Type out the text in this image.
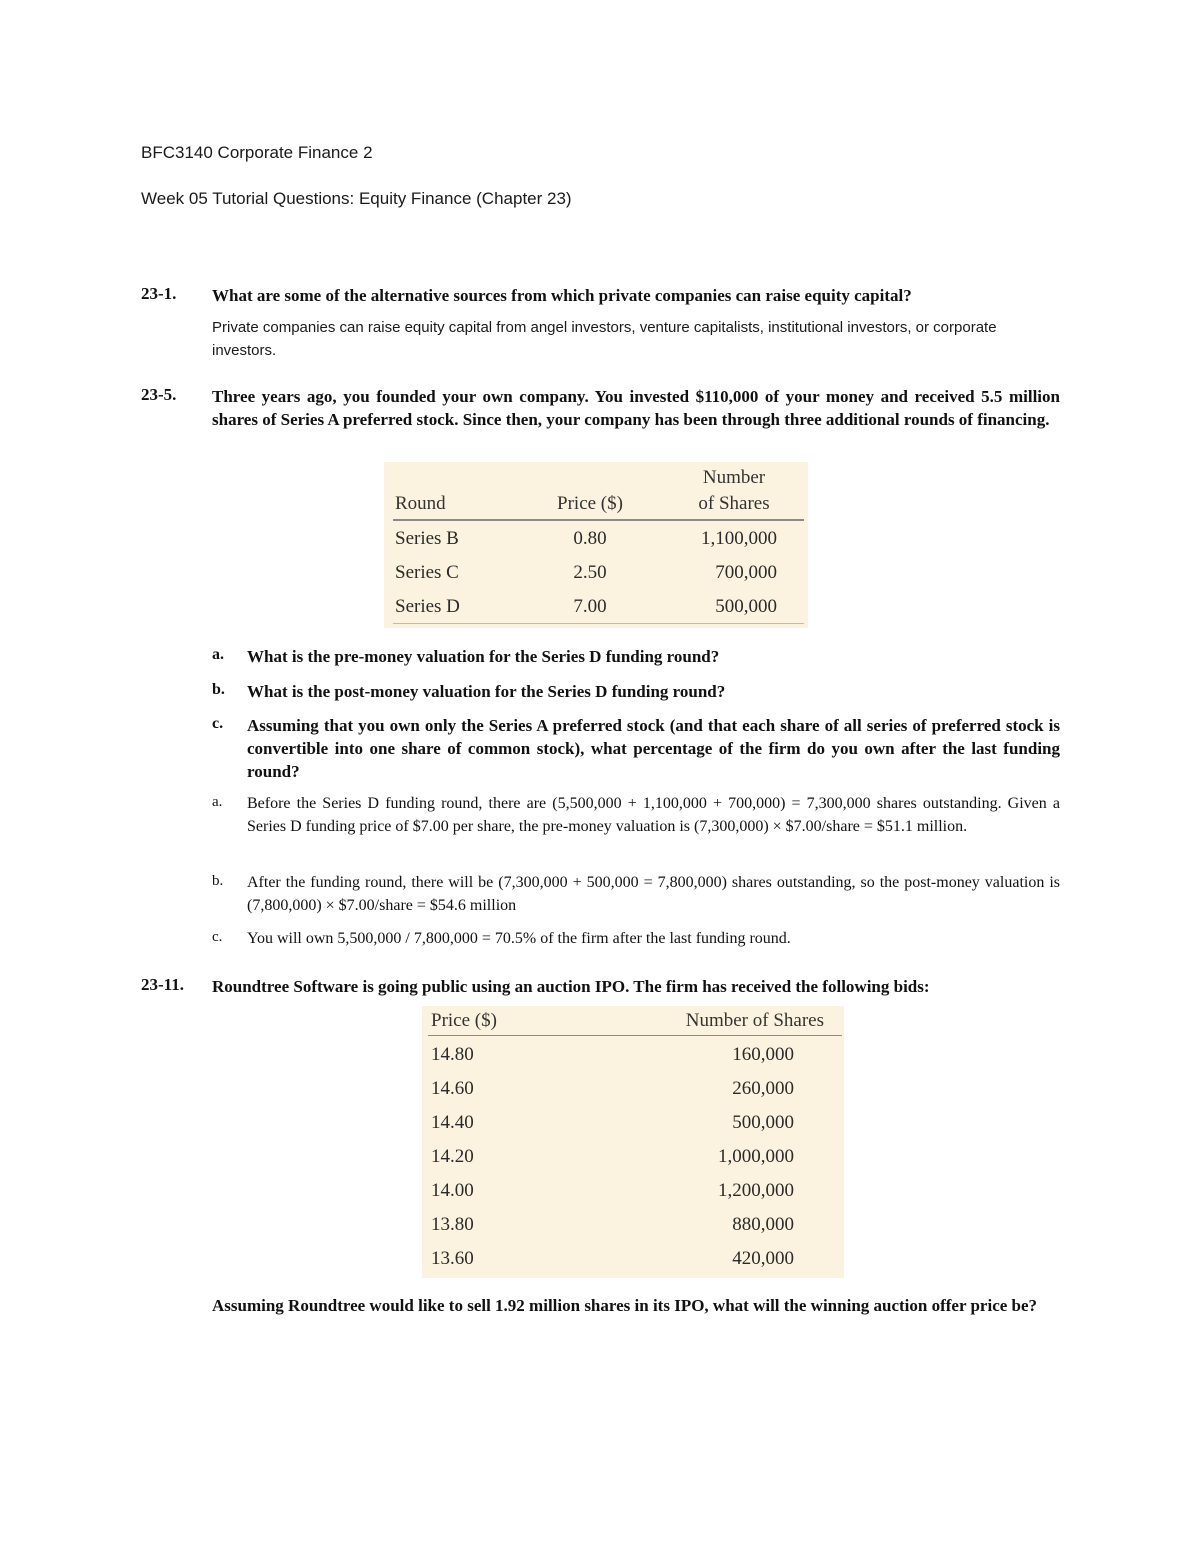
BFC3140 Corporate Finance 2
Week 05 Tutorial Questions: Equity Finance (Chapter 23)
23-1. What are some of the alternative sources from which private companies can raise equity capital?
Private companies can raise equity capital from angel investors, venture capitalists, institutional investors, or corporate investors.
23-5. Three years ago, you founded your own company. You invested $110,000 of your money and received 5.5 million shares of Series A preferred stock. Since then, your company has been through three additional rounds of financing.
Number
Round	Price ($)	of Shares
Series B	0.80	1,100,000
Series C	2.50	700,000
Series D	7.00	500,000
a. What is the pre-money valuation for the Series D funding round?
b. What is the post-money valuation for the Series D funding round?
c. Assuming that you own only the Series A preferred stock (and that each share of all series of preferred stock is convertible into one share of common stock), what percentage of the firm do you own after the last funding round?
a. Before the Series D funding round, there are (5,500,000 + 1,100,000 + 700,000) = 7,300,000 shares outstanding. Given a Series D funding price of $7.00 per share, the pre-money valuation is (7,300,000) × $7.00/share = $51.1 million.
b. After the funding round, there will be (7,300,000 + 500,000 = 7,800,000) shares outstanding, so the post-money valuation is (7,800,000) × $7.00/share = $54.6 million
c. You will own 5,500,000 / 7,800,000 = 70.5% of the firm after the last funding round.
23-11. Roundtree Software is going public using an auction IPO. The firm has received the following bids:
Price ($)	Number of Shares
14.80	160,000
14.60	260,000
14.40	500,000
14.20	1,000,000
14.00	1,200,000
13.80	880,000
13.60	420,000
Assuming Roundtree would like to sell 1.92 million shares in its IPO, what will the winning auction offer price be?
